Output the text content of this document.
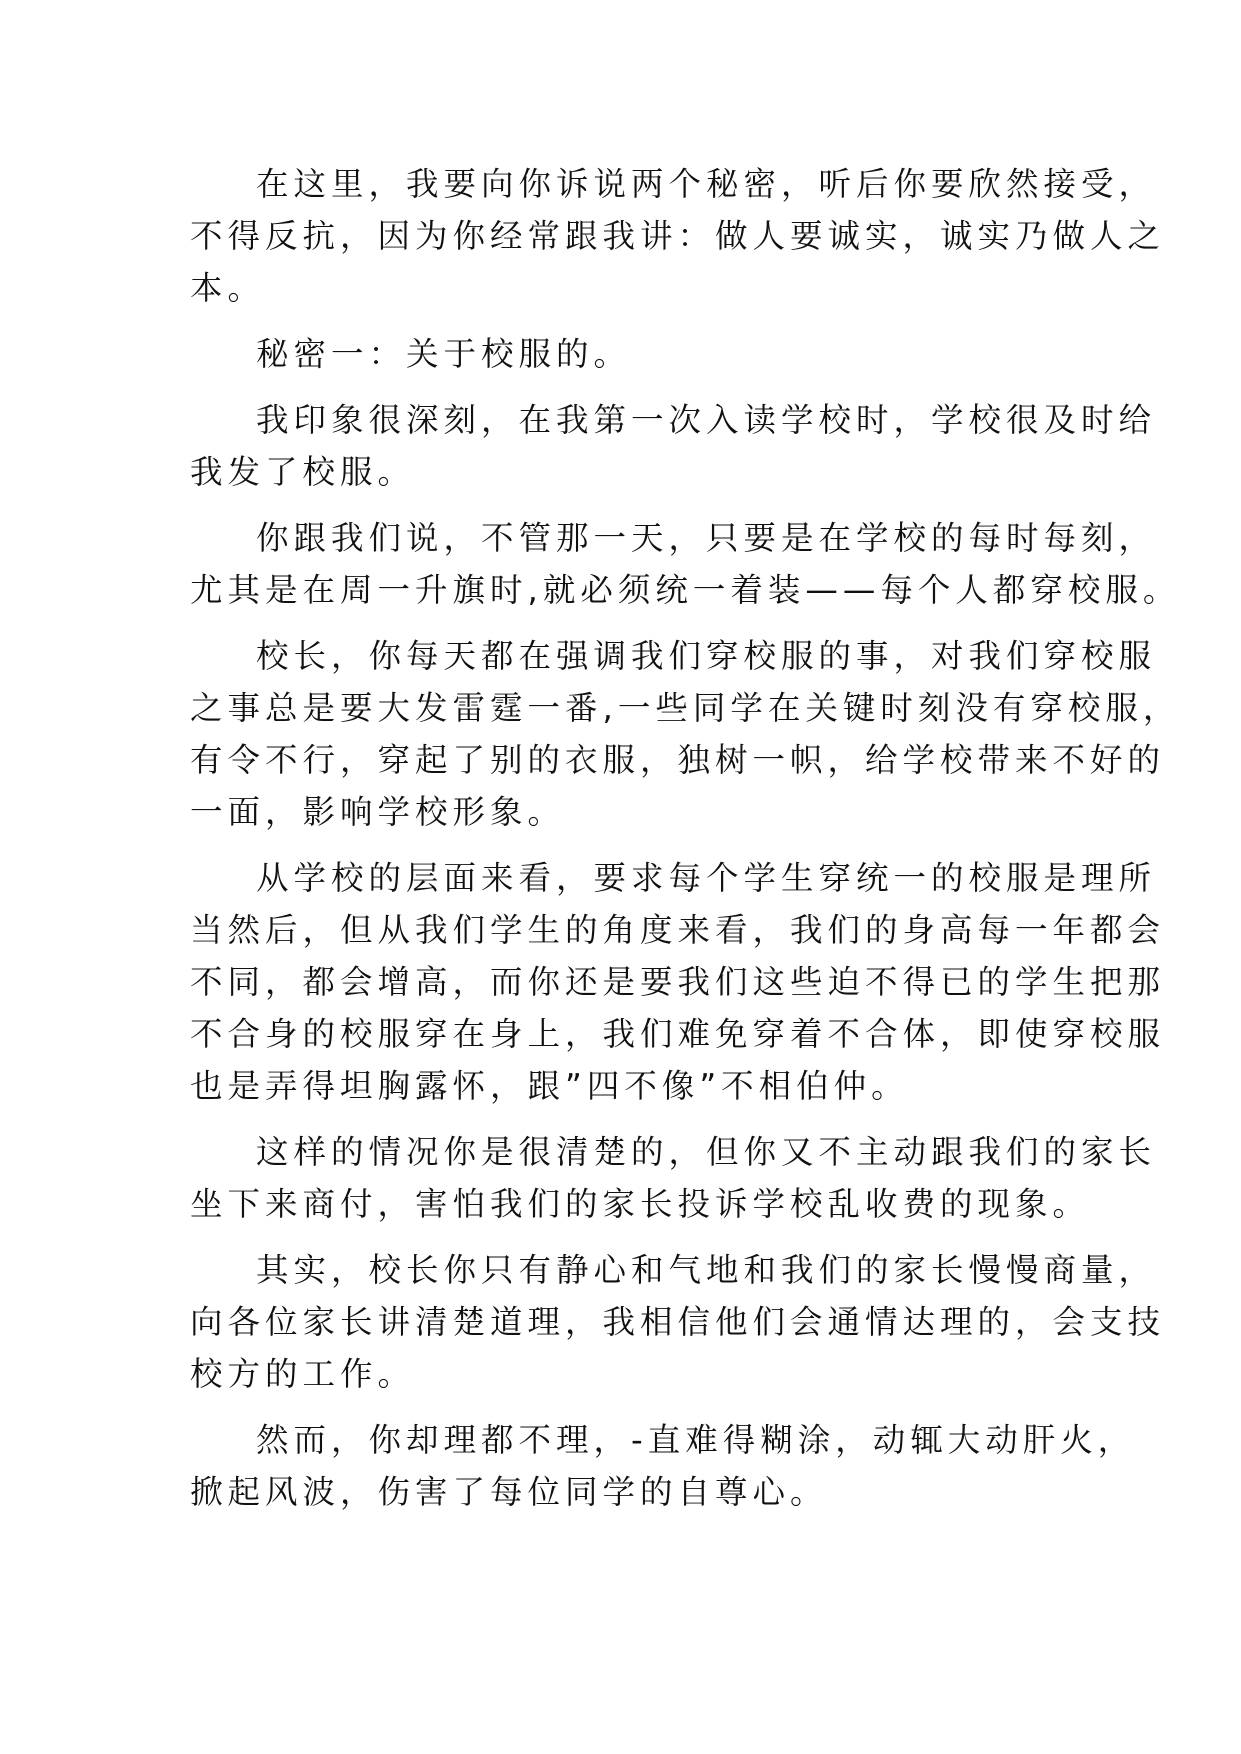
在这里，我要向你诉说两个秘密，听后你要欣然接受，
不得反抗，因为你经常跟我讲：做人要诚实，诚实乃做人之
本。
秘密一：关于校服的。
我印象很深刻，在我第一次入读学校时，学校很及时给
我发了校服。
你跟我们说，不管那一天，只要是在学校的每时每刻，
尤其是在周一升旗时,就必须统一着装——每个人都穿校服。
校长，你每天都在强调我们穿校服的事，对我们穿校服
之事总是要大发雷霆一番,一些同学在关键时刻没有穿校服，
有令不行，穿起了别的衣服，独树一帜，给学校带来不好的
一面，影响学校形象。
从学校的层面来看，要求每个学生穿统一的校服是理所
当然后，但从我们学生的角度来看，我们的身高每一年都会
不同，都会增高，而你还是要我们这些迫不得已的学生把那
不合身的校服穿在身上，我们难免穿着不合体，即使穿校服
也是弄得坦胸露怀，跟”四不像”不相伯仲。
这样的情况你是很清楚的，但你又不主动跟我们的家长
坐下来商付，害怕我们的家长投诉学校乱收费的现象。
其实，校长你只有静心和气地和我们的家长慢慢商量，
向各位家长讲清楚道理，我相信他们会通情达理的，会支技
校方的工作。
然而，你却理都不理，-直难得糊涂，动辄大动肝火，
掀起风波，伤害了每位同学的自尊心。
